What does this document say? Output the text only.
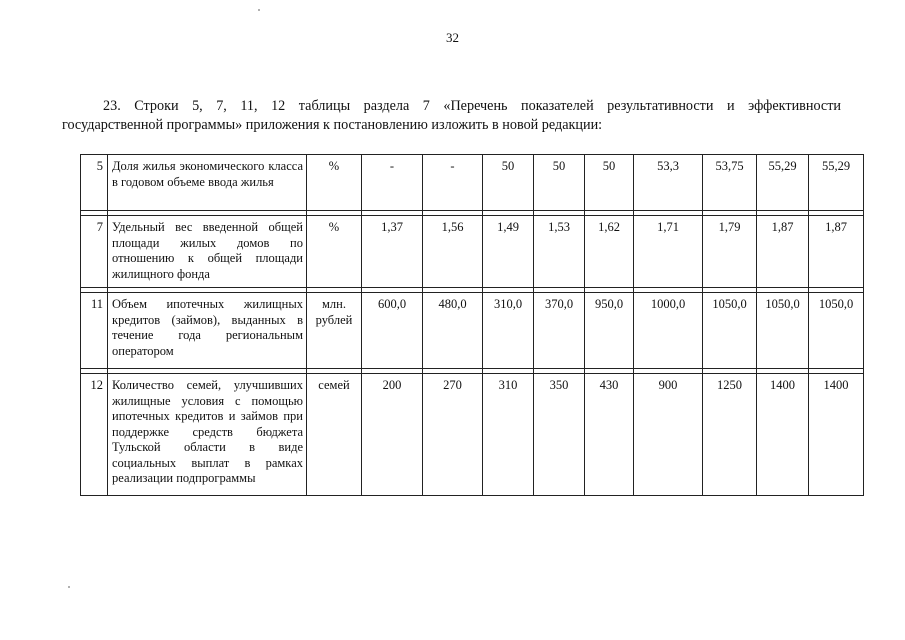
32
23. Строки 5, 7, 11, 12 таблицы раздела 7 «Перечень показателей результативности и эффективности
государственной программы» приложения к постановлению изложить в новой редакции:
5	Доля жилья экономического класса в годовом объеме ввода жилья	%	-	-	50	50	50	53,3	53,75	55,29	55,29

7	Удельный вес введенной общей площади жилых домов по отношению к общей площади жилищного фонда	%	1,37	1,56	1,49	1,53	1,62	1,71	1,79	1,87	1,87

11	Объем ипотечных жилищных кредитов (займов), выданных в течение года региональным оператором	млн. рублей	600,0	480,0	310,0	370,0	950,0	1000,0	1050,0	1050,0	1050,0

12	Количество семей, улучшивших жилищные условия с помощью ипотечных кредитов и займов при поддержке средств бюджета Тульской области в виде социальных выплат в рамках реализации подпрограммы	семей	200	270	310	350	430	900	1250	1400	1400
